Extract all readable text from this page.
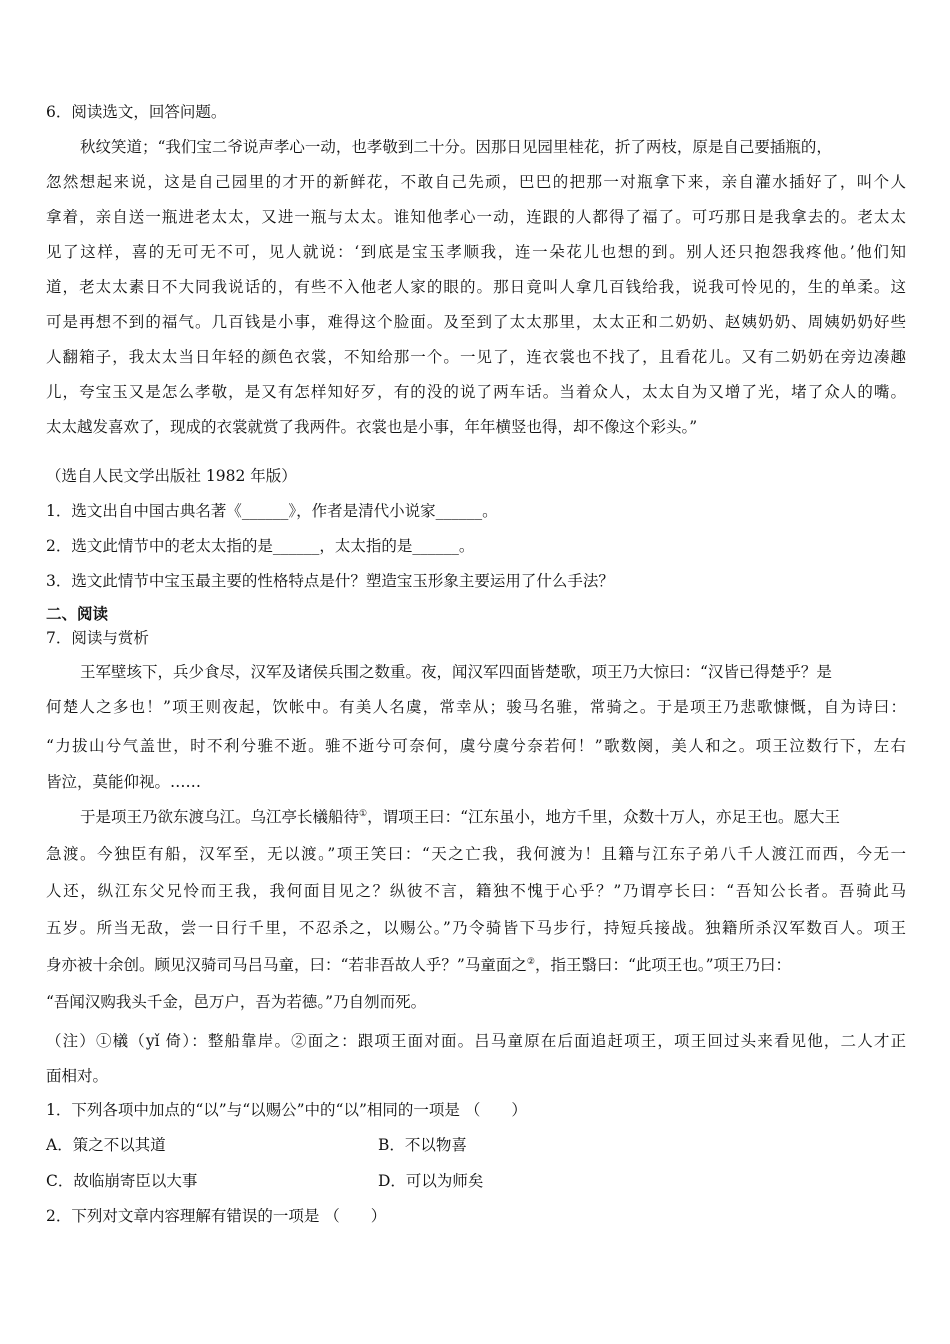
6．阅读选文，回答问题。
秋纹笑道；“我们宝二爷说声孝心一动，也孝敬到二十分。因那日见园里桂花，折了两枝，原是自己要插瓶的，
忽然想起来说，这是自己园里的才开的新鲜花，不敢自己先顽，巴巴的把那一对瓶拿下来，亲自灌水插好了，叫个人
拿着，亲自送一瓶进老太太，又进一瓶与太太。谁知他孝心一动，连跟的人都得了福了。可巧那日是我拿去的。老太太
见了这样，喜的无可无不可，见人就说：‘到底是宝玉孝顺我，连一朵花儿也想的到。别人还只抱怨我疼他。’他们知
道，老太太素日不大同我说话的，有些不入他老人家的眼的。那日竟叫人拿几百钱给我，说我可怜见的，生的单柔。这
可是再想不到的福气。几百钱是小事，难得这个脸面。及至到了太太那里，太太正和二奶奶、赵姨奶奶、周姨奶奶好些
人翻箱子，我太太当日年轻的颜色衣裳，不知给那一个。一见了，连衣裳也不找了，且看花儿。又有二奶奶在旁边凑趣
儿，夸宝玉又是怎么孝敬，是又有怎样知好歹，有的没的说了两车话。当着众人，太太自为又增了光，堵了众人的嘴。
太太越发喜欢了，现成的衣裳就赏了我两件。衣裳也是小事，年年横竖也得，却不像这个彩头。”
（选自人民文学出版社 1982 年版）
1．选文出自中国古典名著《______》，作者是清代小说家______。
2．选文此情节中的老太太指的是______，太太指的是______。
3．选文此情节中宝玉最主要的性格特点是什？塑造宝玉形象主要运用了什么手法？
二、阅读
7．阅读与赏析
王军壁垓下，兵少食尽，汉军及诸侯兵围之数重。夜，闻汉军四面皆楚歌，项王乃大惊曰：“汉皆已得楚乎？是
何楚人之多也！”项王则夜起，饮帐中。有美人名虞，常幸从；骏马名骓，常骑之。于是项王乃悲歌慷慨，自为诗曰：
“力拔山兮气盖世，时不利兮骓不逝。骓不逝兮可奈何，虞兮虞兮奈若何！”歌数阕，美人和之。项王泣数行下，左右
皆泣，莫能仰视。……
于是项王乃欲东渡乌江。乌江亭长檥船待①，谓项王曰：“江东虽小，地方千里，众数十万人，亦足王也。愿大王
急渡。今独臣有船，汉军至，无以渡。”项王笑曰：“天之亡我，我何渡为！且籍与江东子弟八千人渡江而西，今无一
人还，纵江东父兄怜而王我，我何面目见之？纵彼不言，籍独不愧于心乎？”乃谓亭长曰：“吾知公长者。吾骑此马
五岁。所当无敌，尝一日行千里，不忍杀之，以赐公。”乃令骑皆下马步行，持短兵接战。独籍所杀汉军数百人。项王
身亦被十余创。顾见汉骑司马吕马童，曰：“若非吾故人乎？”马童面之②，指王翳曰：“此项王也。”项王乃曰：
“吾闻汉购我头千金，邑万户，吾为若德。”乃自刎而死。
（注）①檥（yǐ 倚）：整船靠岸。②面之：跟项王面对面。吕马童原在后面追赶项王，项王回过头来看见他，二人才正
面相对。
1．下列各项中加点的“以”与“以赐公”中的“以”相同的一项是 （　　）
A．策之不以其道	B．不以物喜
C．故临崩寄臣以大事	D．可以为师矣
2．下列对文章内容理解有错误的一项是 （　　）
